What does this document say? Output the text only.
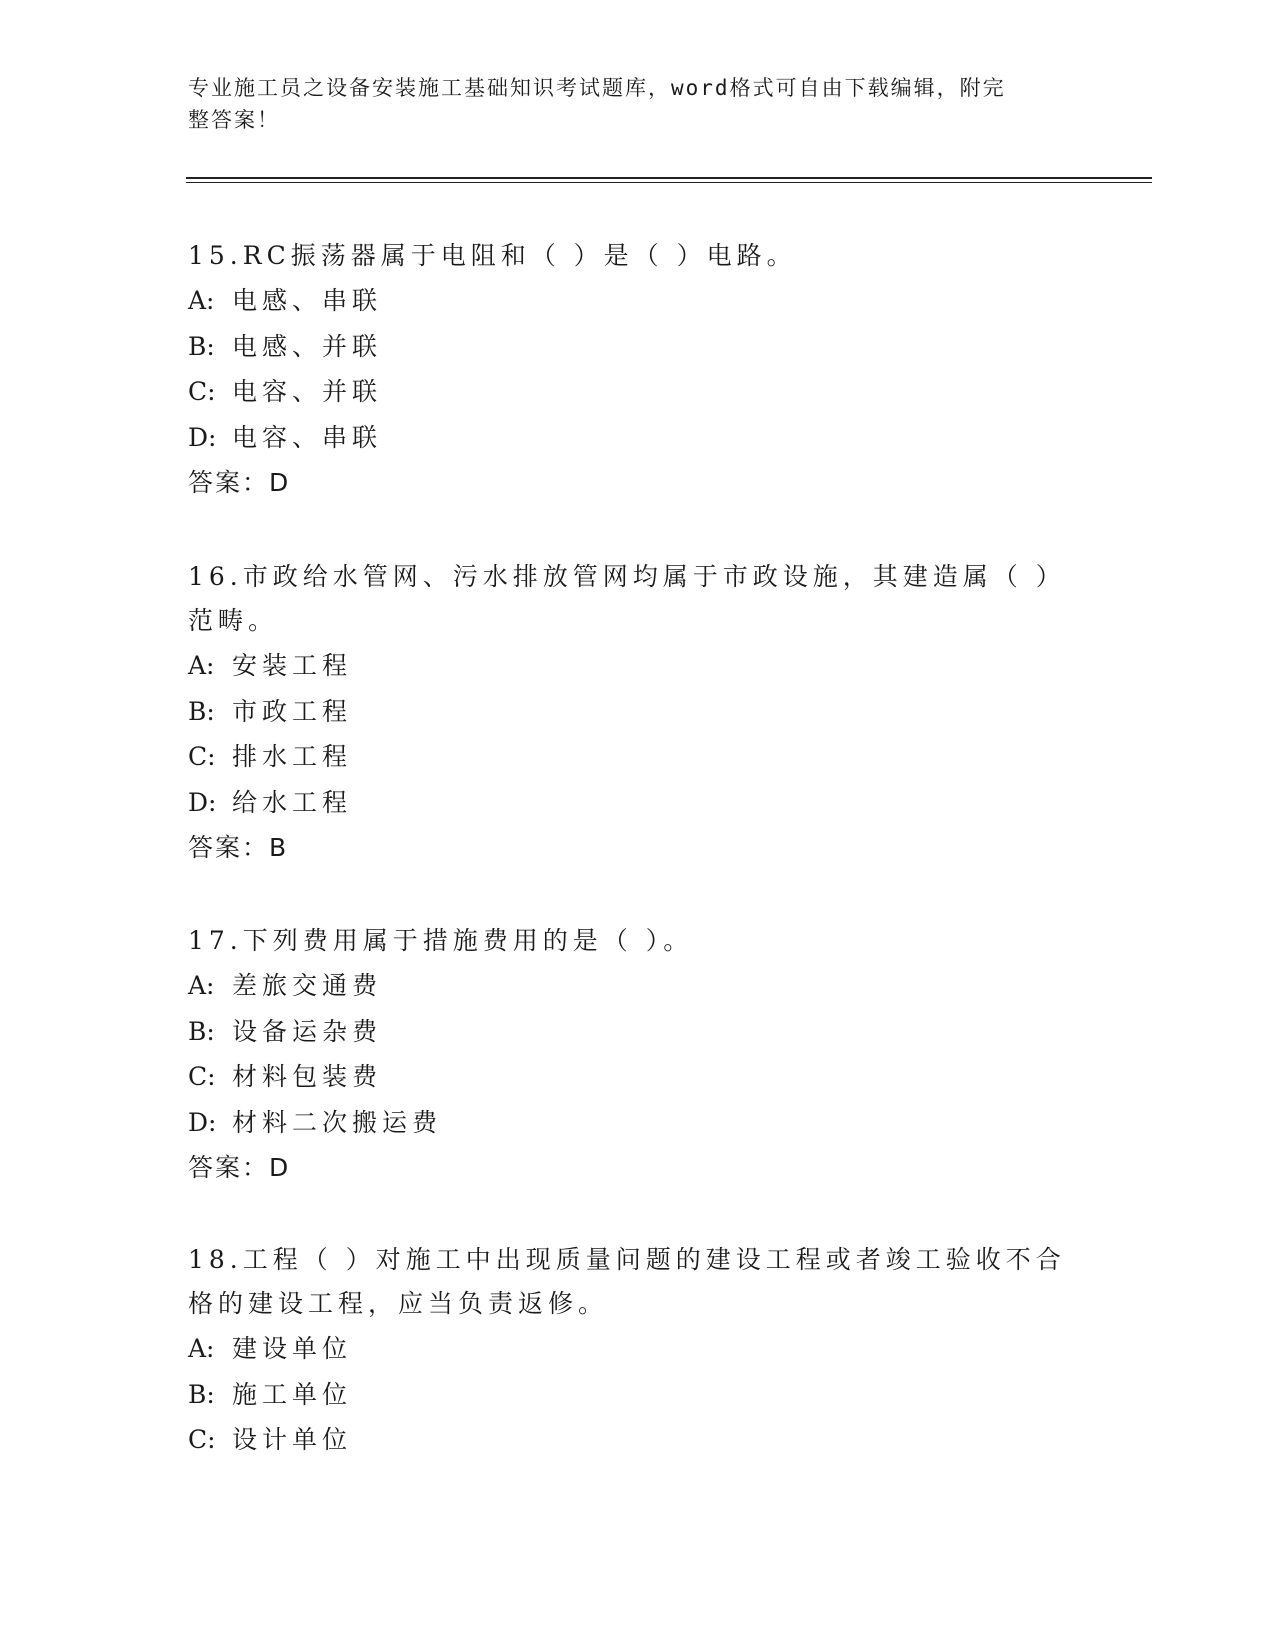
专业施工员之设备安装施工基础知识考试题库，word格式可自由下载编辑，附完
整答案！
15.RC振荡器属于电阻和（ ）是（ ）电路。
A: 电感、串联
B: 电感、并联
C: 电容、并联
D: 电容、串联
答案：D
16.市政给水管网、污水排放管网均属于市政设施，其建造属（ ）范畴。
A: 安装工程
B: 市政工程
C: 排水工程
D: 给水工程
答案：B
17.下列费用属于措施费用的是（ ）。
A: 差旅交通费
B: 设备运杂费
C: 材料包装费
D: 材料二次搬运费
答案：D
18.工程（ ）对施工中出现质量问题的建设工程或者竣工验收不合格的建设工程，应当负责返修。
A: 建设单位
B: 施工单位
C: 设计单位
